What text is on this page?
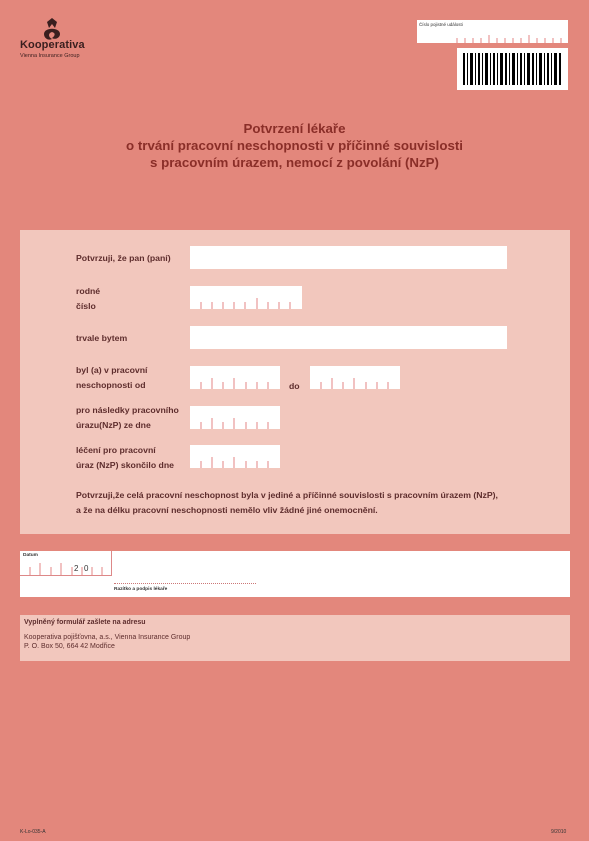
Kooperativa
Vienna Insurance Group
Číslo pojistné události
Potvrzení lékaře
o trvání pracovní neschopnosti v příčinné souvislosti
s pracovním úrazem, nemocí z povolání (NzP)
Potvrzuji, že pan (paní)
rodné
číslo
trvale bytem
byl (a) v pracovní
neschopnosti od	do
pro následky pracovního
úrazu(NzP) ze dne
léčení pro pracovní
úraz (NzP) skončilo dne
Potvrzuji,že celá pracovní neschopnost byla v jediné a příčinné souvislosti s pracovním úrazem (NzP),
a že na délku pracovní neschopnosti nemělo vliv žádné jiné onemocnění.
Datum
2 0
Razítko a podpis lékaře
Vyplněný formulář zašlete na adresu
Kooperativa pojišťovna, a.s., Vienna Insurance Group
P. O. Box 50, 664 42 Modřice
K-Lo-035-A	9/2010
